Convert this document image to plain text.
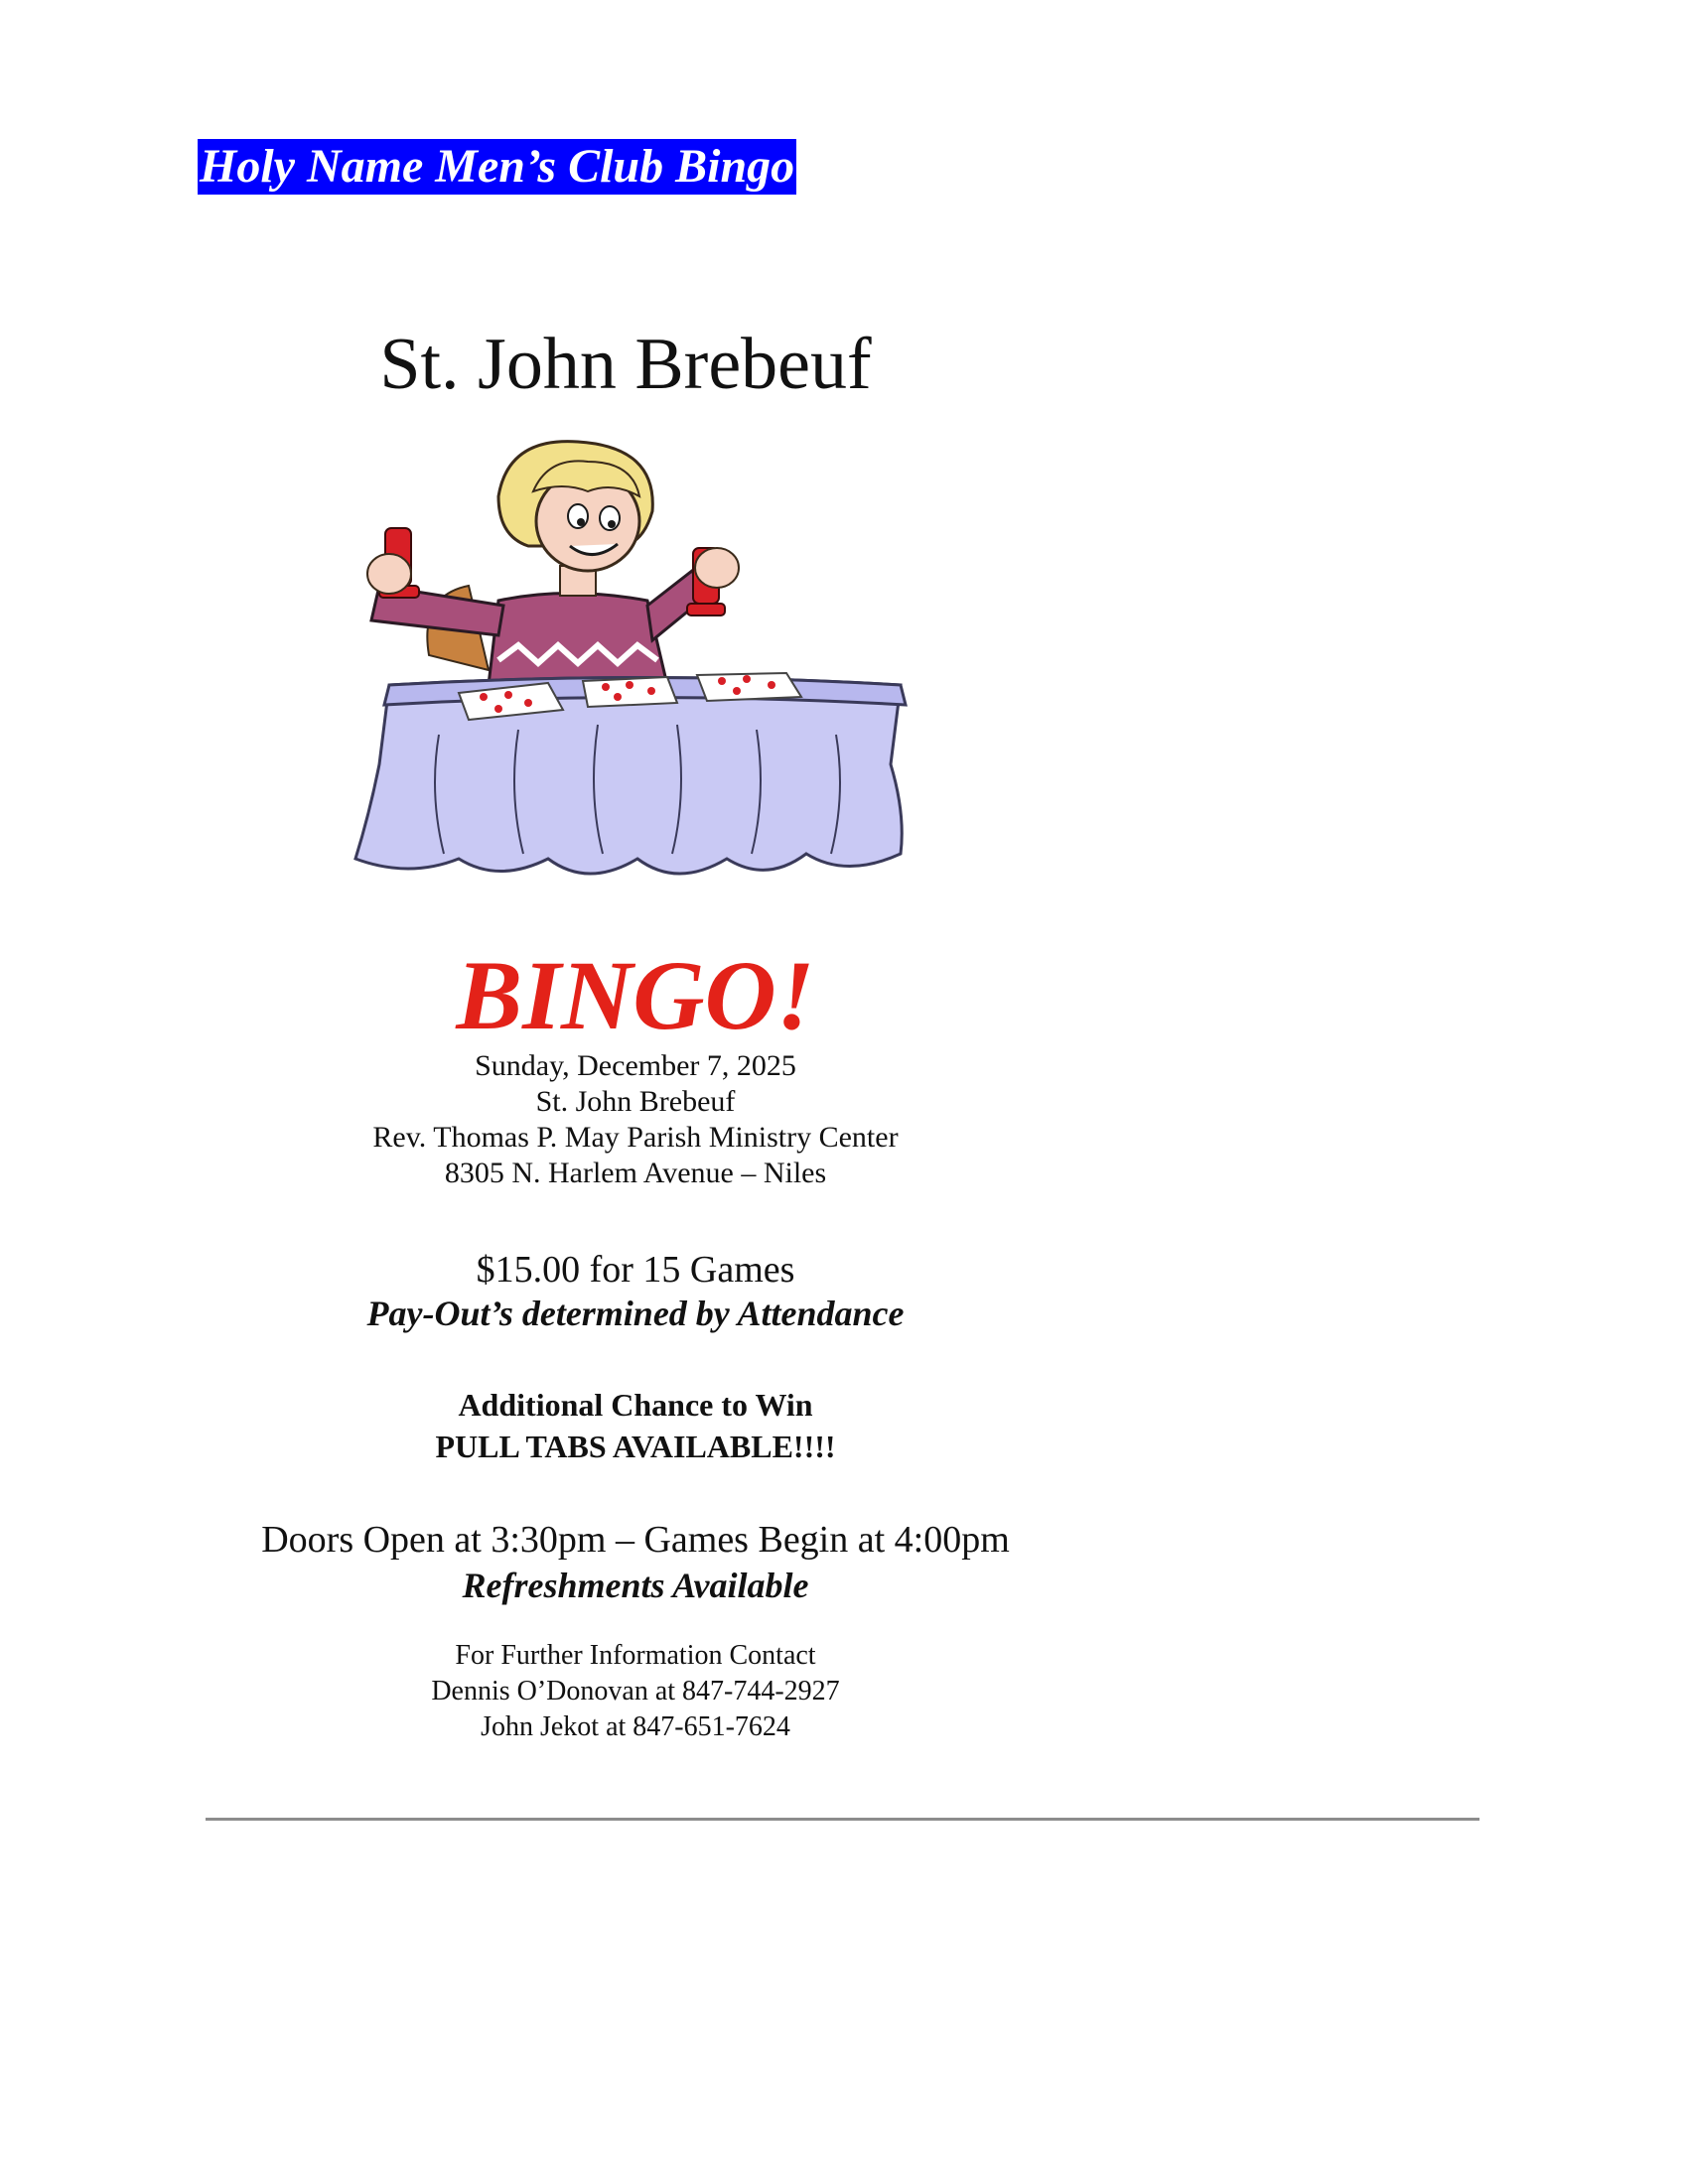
Holy Name Men’s Club Bingo
St. John Brebeuf
BINGO!
Sunday, December 7, 2025
St. John Brebeuf
Rev. Thomas P. May Parish Ministry Center
8305 N. Harlem Avenue – Niles
$15.00 for 15 Games
Pay-Out’s determined by Attendance
Additional Chance to Win
PULL TABS AVAILABLE!!!!
Doors Open at 3:30pm – Games Begin at 4:00pm
Refreshments Available
For Further Information Contact
Dennis O’Donovan at 847-744-2927
John Jekot at 847-651-7624
